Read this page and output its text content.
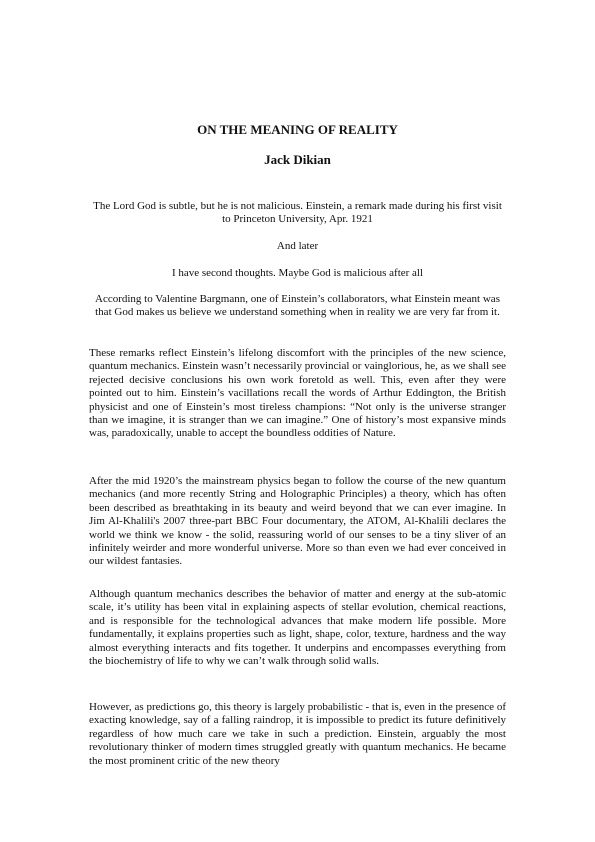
ON THE MEANING OF REALITY
Jack Dikian
The Lord God is subtle, but he is not malicious. Einstein, a remark made during his first visit to Princeton University, Apr. 1921
And later
I have second thoughts. Maybe God is malicious after all
According to Valentine Bargmann, one of Einstein’s collaborators, what Einstein meant was that God makes us believe we understand something when in reality we are very far from it.

These remarks reflect Einstein’s lifelong discomfort with the principles of the new science, quantum mechanics. Einstein wasn’t necessarily provincial or vainglorious, he, as we shall see rejected decisive conclusions his own work foretold as well. This, even after they were pointed out to him. Einstein’s vacillations recall the words of Arthur Eddington, the British physicist and one of Einstein’s most tireless champions: “Not only is the universe stranger than we imagine, it is stranger than we can imagine.” One of history’s most expansive minds was, paradoxically, unable to accept the boundless oddities of Nature.

After the mid 1920’s the mainstream physics began to follow the course of the new quantum mechanics (and more recently String and Holographic Principles) a theory, which has often been described as breathtaking in its beauty and weird beyond that we can ever imagine. In Jim Al-Khalili's 2007 three-part BBC Four documentary, the ATOM, Al-Khalili declares the world we think we know - the solid, reassuring world of our senses to be a tiny sliver of an infinitely weirder and more wonderful universe. More so than even we had ever conceived in our wildest fantasies.

Although quantum mechanics describes the behavior of matter and energy at the sub-atomic scale, it’s utility has been vital in explaining aspects of stellar evolution, chemical reactions, and is responsible for the technological advances that make modern life possible. More fundamentally, it explains properties such as light, shape, color, texture, hardness and the way almost everything interacts and fits together. It underpins and encompasses everything from the biochemistry of life to why we can’t walk through solid walls.

However, as predictions go, this theory is largely probabilistic - that is, even in the presence of exacting knowledge, say of a falling raindrop, it is impossible to predict its future definitively regardless of how much care we take in such a prediction. Einstein, arguably the most revolutionary thinker of modern times struggled greatly with quantum mechanics. He became the most prominent critic of the new theory
